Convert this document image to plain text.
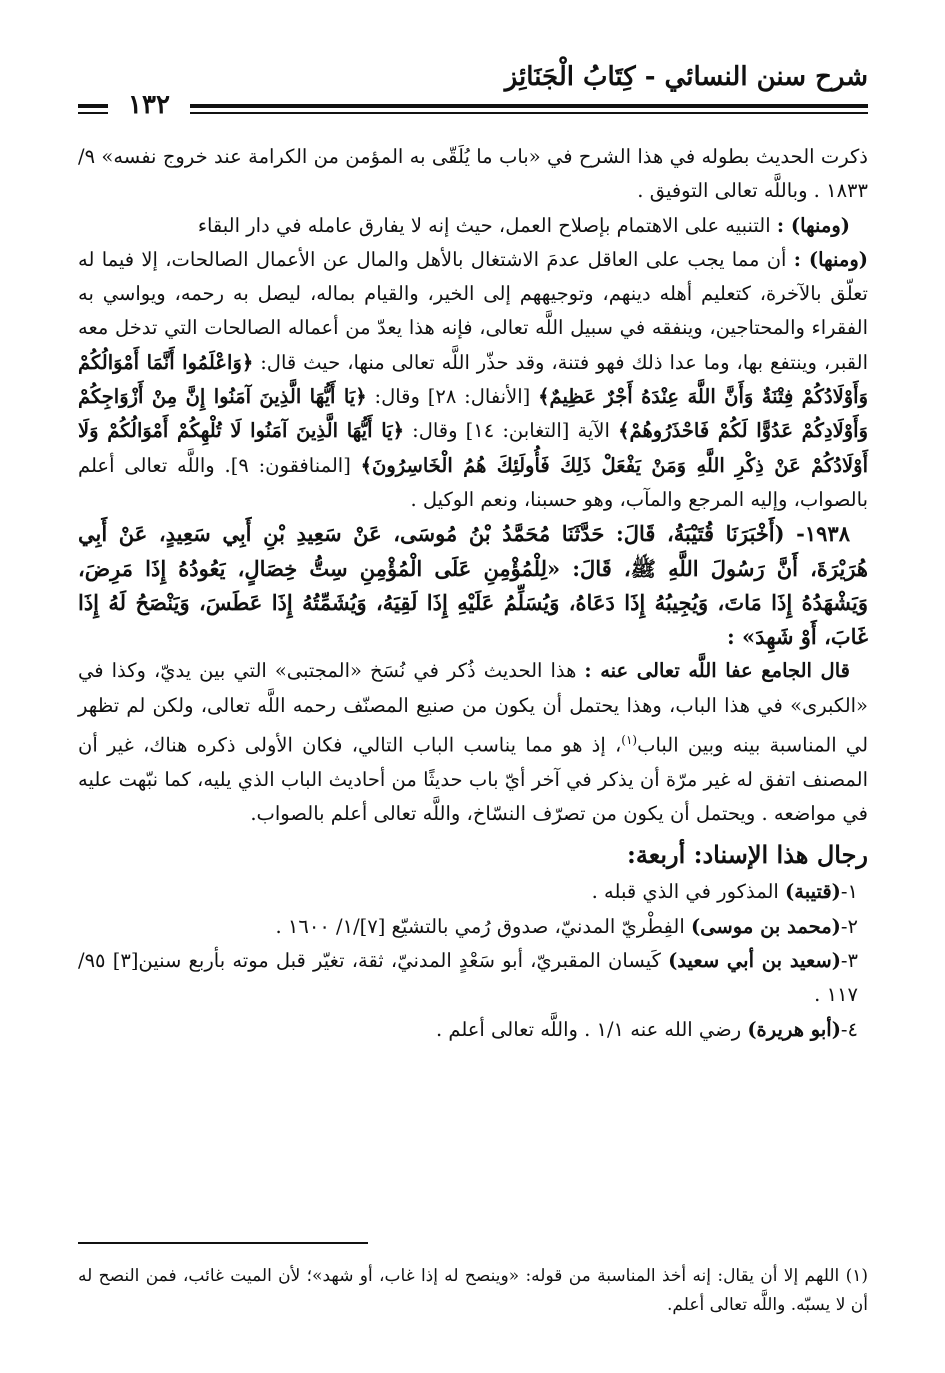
شرح سنن النسائي - كِتَابُ الْجَنَائِز
١٣٢

ذكرت الحديث بطوله في هذا الشرح في «باب ما يُلَقّى به المؤمن من الكرامة عند خروج نفسه» ٩/ ١٨٣٣ . وباللَّه تعالى التوفيق .

(ومنها) : التنبيه على الاهتمام بإصلاح العمل، حيث إنه لا يفارق عامله في دار البقاء

(ومنها) : أن مما يجب على العاقل عدمَ الاشتغال بالأهل والمال عن الأعمال الصالحات، إلا فيما له تعلّق بالآخرة، كتعليم أهله دينهم، وتوجيههم إلى الخير، والقيام بماله، ليصل به رحمه، ويواسي به الفقراء والمحتاجين، وينفقه في سبيل اللَّه تعالى، فإنه هذا يعدّ من أعماله الصالحات التي تدخل معه القبر، وينتفع بها، وما عدا ذلك فهو فتنة، وقد حذّر اللَّه تعالى منها، حيث قال: ﴿وَاعْلَمُوا أَنَّمَا أَمْوَالُكُمْ وَأَوْلَادُكُمْ فِتْنَةٌ وَأَنَّ اللَّهَ عِنْدَهُ أَجْرٌ عَظِيمٌ﴾ [الأنفال: ٢٨] وقال: ﴿يَا أَيُّهَا الَّذِينَ آمَنُوا إِنَّ مِنْ أَزْوَاجِكُمْ وَأَوْلَادِكُمْ عَدُوًّا لَكُمْ فَاحْذَرُوهُمْ﴾ الآية [التغابن: ١٤] وقال: ﴿يَا أَيُّهَا الَّذِينَ آمَنُوا لَا تُلْهِكُمْ أَمْوَالُكُمْ وَلَا أَوْلَادُكُمْ عَنْ ذِكْرِ اللَّهِ وَمَنْ يَفْعَلْ ذَلِكَ فَأُولَئِكَ هُمُ الْخَاسِرُونَ﴾ [المنافقون: ٩]. واللَّه تعالى أعلم بالصواب، وإليه المرجع والمآب، وهو حسبنا، ونعم الوكيل .

١٩٣٨- (أَخْبَرَنَا قُتَيْبَةُ، قَالَ: حَدَّثَنَا مُحَمَّدُ بْنُ مُوسَى، عَنْ سَعِيدِ بْنِ أَبِي سَعِيدٍ، عَنْ أَبِي هُرَيْرَةَ، أَنَّ رَسُولَ اللَّهِ ﷺ، قَالَ: «لِلْمُؤْمِنِ عَلَى الْمُؤْمِنِ سِتُّ خِصَالٍ، يَعُودُهُ إِذَا مَرِضَ، وَيَشْهَدُهُ إِذَا مَاتَ، وَيُجِيبُهُ إِذَا دَعَاهُ، وَيُسَلِّمُ عَلَيْهِ إِذَا لَقِيَهُ، وَيُشَمِّتُهُ إِذَا عَطَسَ، وَيَنْصَحُ لَهُ إِذَا غَابَ، أَوْ شَهِدَ» :

قال الجامع عفا اللَّه تعالى عنه : هذا الحديث ذُكر في نُسَخ «المجتبى» التي بين يديّ، وكذا في «الكبرى» في هذا الباب، وهذا يحتمل أن يكون من صنيع المصنّف رحمه اللَّه تعالى، ولكن لم تظهر لي المناسبة بينه وبين الباب$^{(١)}$، إذ هو مما يناسب الباب التالي، فكان الأولى ذكره هناك، غير أن المصنف اتفق له غير مرّة أن يذكر في آخر أيّ باب حديثًا من أحاديث الباب الذي يليه، كما نبّهت عليه في مواضعه . ويحتمل أن يكون من تصرّف النسّاخ، واللَّه تعالى أعلم بالصواب.

رجال هذا الإسناد: أربعة:

١-(قتيبة) المذكور في الذي قبله .

٢-(محمد بن موسى) الفِطْريّ المدنيّ، صدوق رُمي بالتشيّع [٧]/١/ ١٦٠٠ .

٣-(سعيد بن أبي سعيد) كَيسان المقبريّ، أبو سَعْدٍ المدنيّ، ثقة، تغيّر قبل موته بأربع سنين[٣] ٩٥/ ١١٧ .

٤-(أبو هريرة) رضي الله عنه ١/١ . واللَّه تعالى أعلم .

(١) اللهم إلا أن يقال: إنه أخذ المناسبة من قوله: «وينصح له إذا غاب، أو شهد»؛ لأن الميت غائب، فمن النصح له أن لا يسبّه. واللَّه تعالى أعلم.
